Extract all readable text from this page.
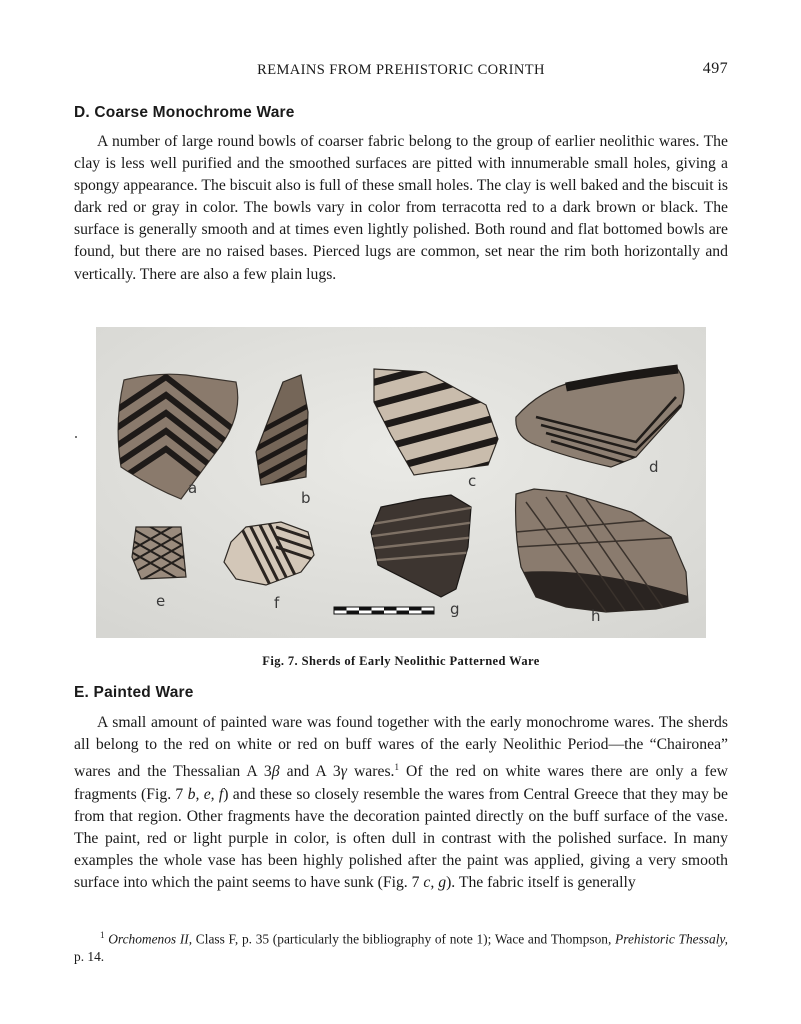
REMAINS FROM PREHISTORIC CORINTH	497
D. Coarse Monochrome Ware

A number of large round bowls of coarser fabric belong to the group of earlier neolithic wares. The clay is less well purified and the smoothed surfaces are pitted with innumerable small holes, giving a spongy appearance. The biscuit also is full of these small holes. The clay is well baked and the biscuit is dark red or gray in color. The bowls vary in color from terracotta red to a dark brown or black. The surface is generally smooth and at times even lightly polished. Both round and flat bottomed bowls are found, but there are no raised bases. Pierced lugs are common, set near the rim both horizontally and vertically. There are also a few plain lugs.

a
b
c
d
e	f	g	h
Fig. 7. Sherds of Early Neolithic Patterned Ware
E. Painted Ware

A small amount of painted ware was found together with the early monochrome wares. The sherds all belong to the red on white or red on buff wares of the early Neolithic Period—the “Chaironea” wares and the Thessalian A 3β and A 3γ wares.$^1$ Of the red on white wares there are only a few fragments (Fig. 7 b, e, f) and these so closely resemble the wares from Central Greece that they may be from that region. Other fragments have the decoration painted directly on the buff surface of the vase. The paint, red or light purple in color, is often dull in contrast with the polished surface. In many examples the whole vase has been highly polished after the paint was applied, giving a very smooth surface into which the paint seems to have sunk (Fig. 7 c, g). The fabric itself is generally

$^1$ Orchomenos II, Class F, p. 35 (particularly the bibliography of note 1); Wace and Thompson, Prehistoric Thessaly, p. 14.
